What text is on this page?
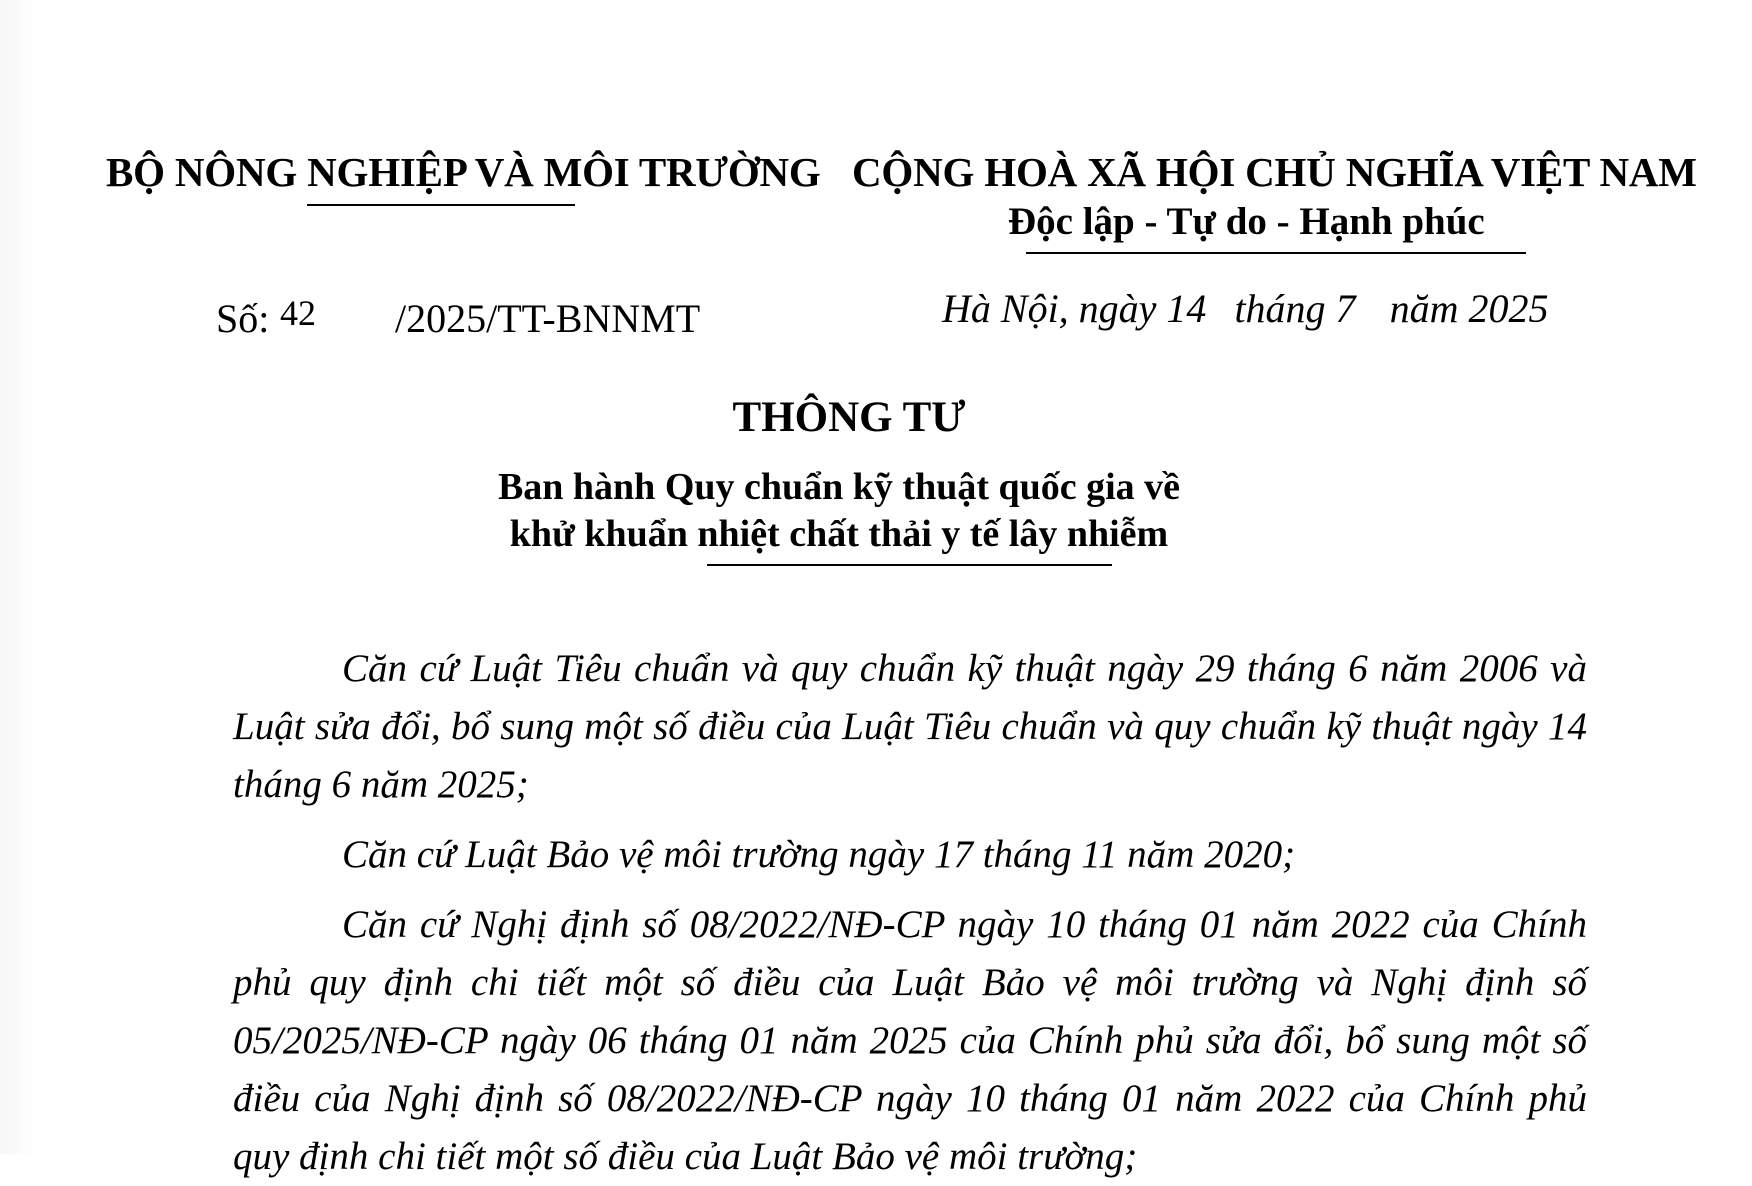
BỘ NÔNG NGHIỆP VÀ MÔI TRƯỜNG CỘNG HOÀ XÃ HỘI CHỦ NGHĨA VIỆT NAM
Độc lập - Tự do - Hạnh phúc
Số: 42 /2025/TT-BNNMT	Hà Nội, ngày 14 tháng 7 năm 2025
THÔNG TƯ
Ban hành Quy chuẩn kỹ thuật quốc gia về
khử khuẩn nhiệt chất thải y tế lây nhiễm

Căn cứ Luật Tiêu chuẩn và quy chuẩn kỹ thuật ngày 29 tháng 6 năm 2006 và Luật sửa đổi, bổ sung một số điều của Luật Tiêu chuẩn và quy chuẩn kỹ thuật ngày 14 tháng 6 năm 2025;

Căn cứ Luật Bảo vệ môi trường ngày 17 tháng 11 năm 2020;

Căn cứ Nghị định số 08/2022/NĐ-CP ngày 10 tháng 01 năm 2022 của Chính phủ quy định chi tiết một số điều của Luật Bảo vệ môi trường và Nghị định số 05/2025/NĐ-CP ngày 06 tháng 01 năm 2025 của Chính phủ sửa đổi, bổ sung một số điều của Nghị định số 08/2022/NĐ-CP ngày 10 tháng 01 năm 2022 của Chính phủ quy định chi tiết một số điều của Luật Bảo vệ môi trường;
